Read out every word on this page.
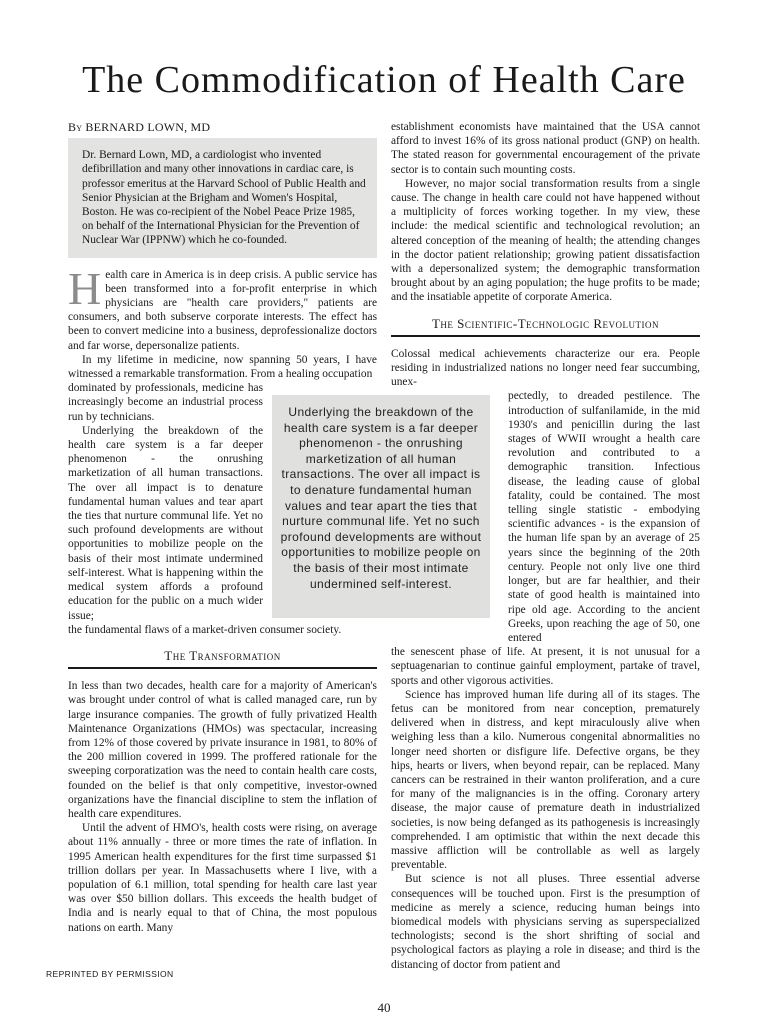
The Commodification of Health Care

By BERNARD LOWN, MD

Dr. Bernard Lown, MD, a cardiologist who invented defibrillation and many other innovations in cardiac care, is professor emeritus at the Harvard School of Public Health and Senior Physician at the Brigham and Women's Hospital, Boston. He was co-recipient of the Nobel Peace Prize 1985, on behalf of the International Physician for the Prevention of Nuclear War (IPPNW) which he co-founded.
H ealth care in America is in deep crisis. A public service has been transformed into a for-profit enterprise in which physicians are "health care providers," patients are consumers, and both subserve corporate interests. The effect has been to convert medicine into a business, deprofessionalize doctors and far worse, depersonalize patients.

In my lifetime in medicine, now spanning 50 years, I have witnessed a remarkable transformation. From a healing occupation

dominated by professionals, medicine has increasingly become an industrial process run by technicians.

Underlying the breakdown of the health care system is a far deeper phenomenon - the onrushing marketization of all human transactions. The over all impact is to denature fundamental human values and tear apart the ties that nurture communal life. Yet no such profound developments are without opportunities to mobilize people on the basis of their most intimate undermined self-interest. What is happening within the medical system affords a profound education for the public on a much wider issue;

the fundamental flaws of a market-driven consumer society.

The Transformation

In less than two decades, health care for a majority of American's was brought under control of what is called managed care, run by large insurance companies. The growth of fully privatized Health Maintenance Organizations (HMOs) was spectacular, increasing from 12% of those covered by private insurance in 1981, to 80% of the 200 million covered in 1999. The proffered rationale for the sweeping corporatization was the need to contain health care costs, founded on the belief is that only competitive, investor-owned organizations have the financial discipline to stem the inflation of health care expenditures.

Until the advent of HMO's, health costs were rising, on average about 11% annually - three or more times the rate of inflation. In 1995 American health expenditures for the first time surpassed $1 trillion dollars per year. In Massachusetts where I live, with a population of 6.1 million, total spending for health care last year was over $50 billion dollars. This exceeds the health budget of India and is nearly equal to that of China, the most populous nations on earth. Many

establishment economists have maintained that the USA cannot afford to invest 16% of its gross national product (GNP) on health. The stated reason for governmental encouragement of the private sector is to contain such mounting costs.

However, no major social transformation results from a single cause. The change in health care could not have happened without a multiplicity of forces working together. In my view, these include: the medical scientific and technological revolution; an altered conception of the meaning of health; the attending changes in the doctor patient relationship; growing patient dissatisfaction with a depersonalized system; the demographic transformation brought about by an aging population; the huge profits to be made; and the insatiable appetite of corporate America.

The Scientific-Technologic Revolution

Colossal medical achievements characterize our era. People residing in industrialized nations no longer need fear succumbing, unex-

pectedly, to dreaded pestilence. The introduction of sulfanilamide, in the mid 1930's and penicillin during the last stages of WWII wrought a health care revolution and contributed to a demographic transition. Infectious disease, the leading cause of global fatality, could be contained. The most telling single statistic - embodying scientific advances - is the expansion of the human life span by an average of 25 years since the beginning of the 20th century. People not only live one third longer, but are far healthier, and their state of good health is maintained into ripe old age. According to the ancient Greeks, upon reaching the age of 50, one entered

the senescent phase of life. At present, it is not unusual for a septuagenarian to continue gainful employment, partake of travel, sports and other vigorous activities.

Science has improved human life during all of its stages. The fetus can be monitored from near conception, prematurely delivered when in distress, and kept miraculously alive when weighing less than a kilo. Numerous congenital abnormalities no longer need shorten or disfigure life. Defective organs, be they hips, hearts or livers, when beyond repair, can be replaced. Many cancers can be restrained in their wanton proliferation, and a cure for many of the malignancies is in the offing. Coronary artery disease, the major cause of premature death in industrialized societies, is now being defanged as its pathogenesis is increasingly comprehended. I am optimistic that within the next decade this massive affliction will be controllable as well as largely preventable.

But science is not all pluses. Three essential adverse consequences will be touched upon. First is the presumption of medicine as merely a science, reducing human beings into biomedical models with physicians serving as superspecialized technologists; second is the short shrifting of social and psychological factors as playing a role in disease; and third is the distancing of doctor from patient and

Underlying the breakdown of the health care system is a far deeper phenomenon - the onrushing marketization of all human transactions. The over all impact is to denature fundamental human values and tear apart the ties that nurture communal life. Yet no such profound developments are without opportunities to mobilize people on the basis of their most intimate undermined self-interest.
REPRINTED BY PERMISSION
40
